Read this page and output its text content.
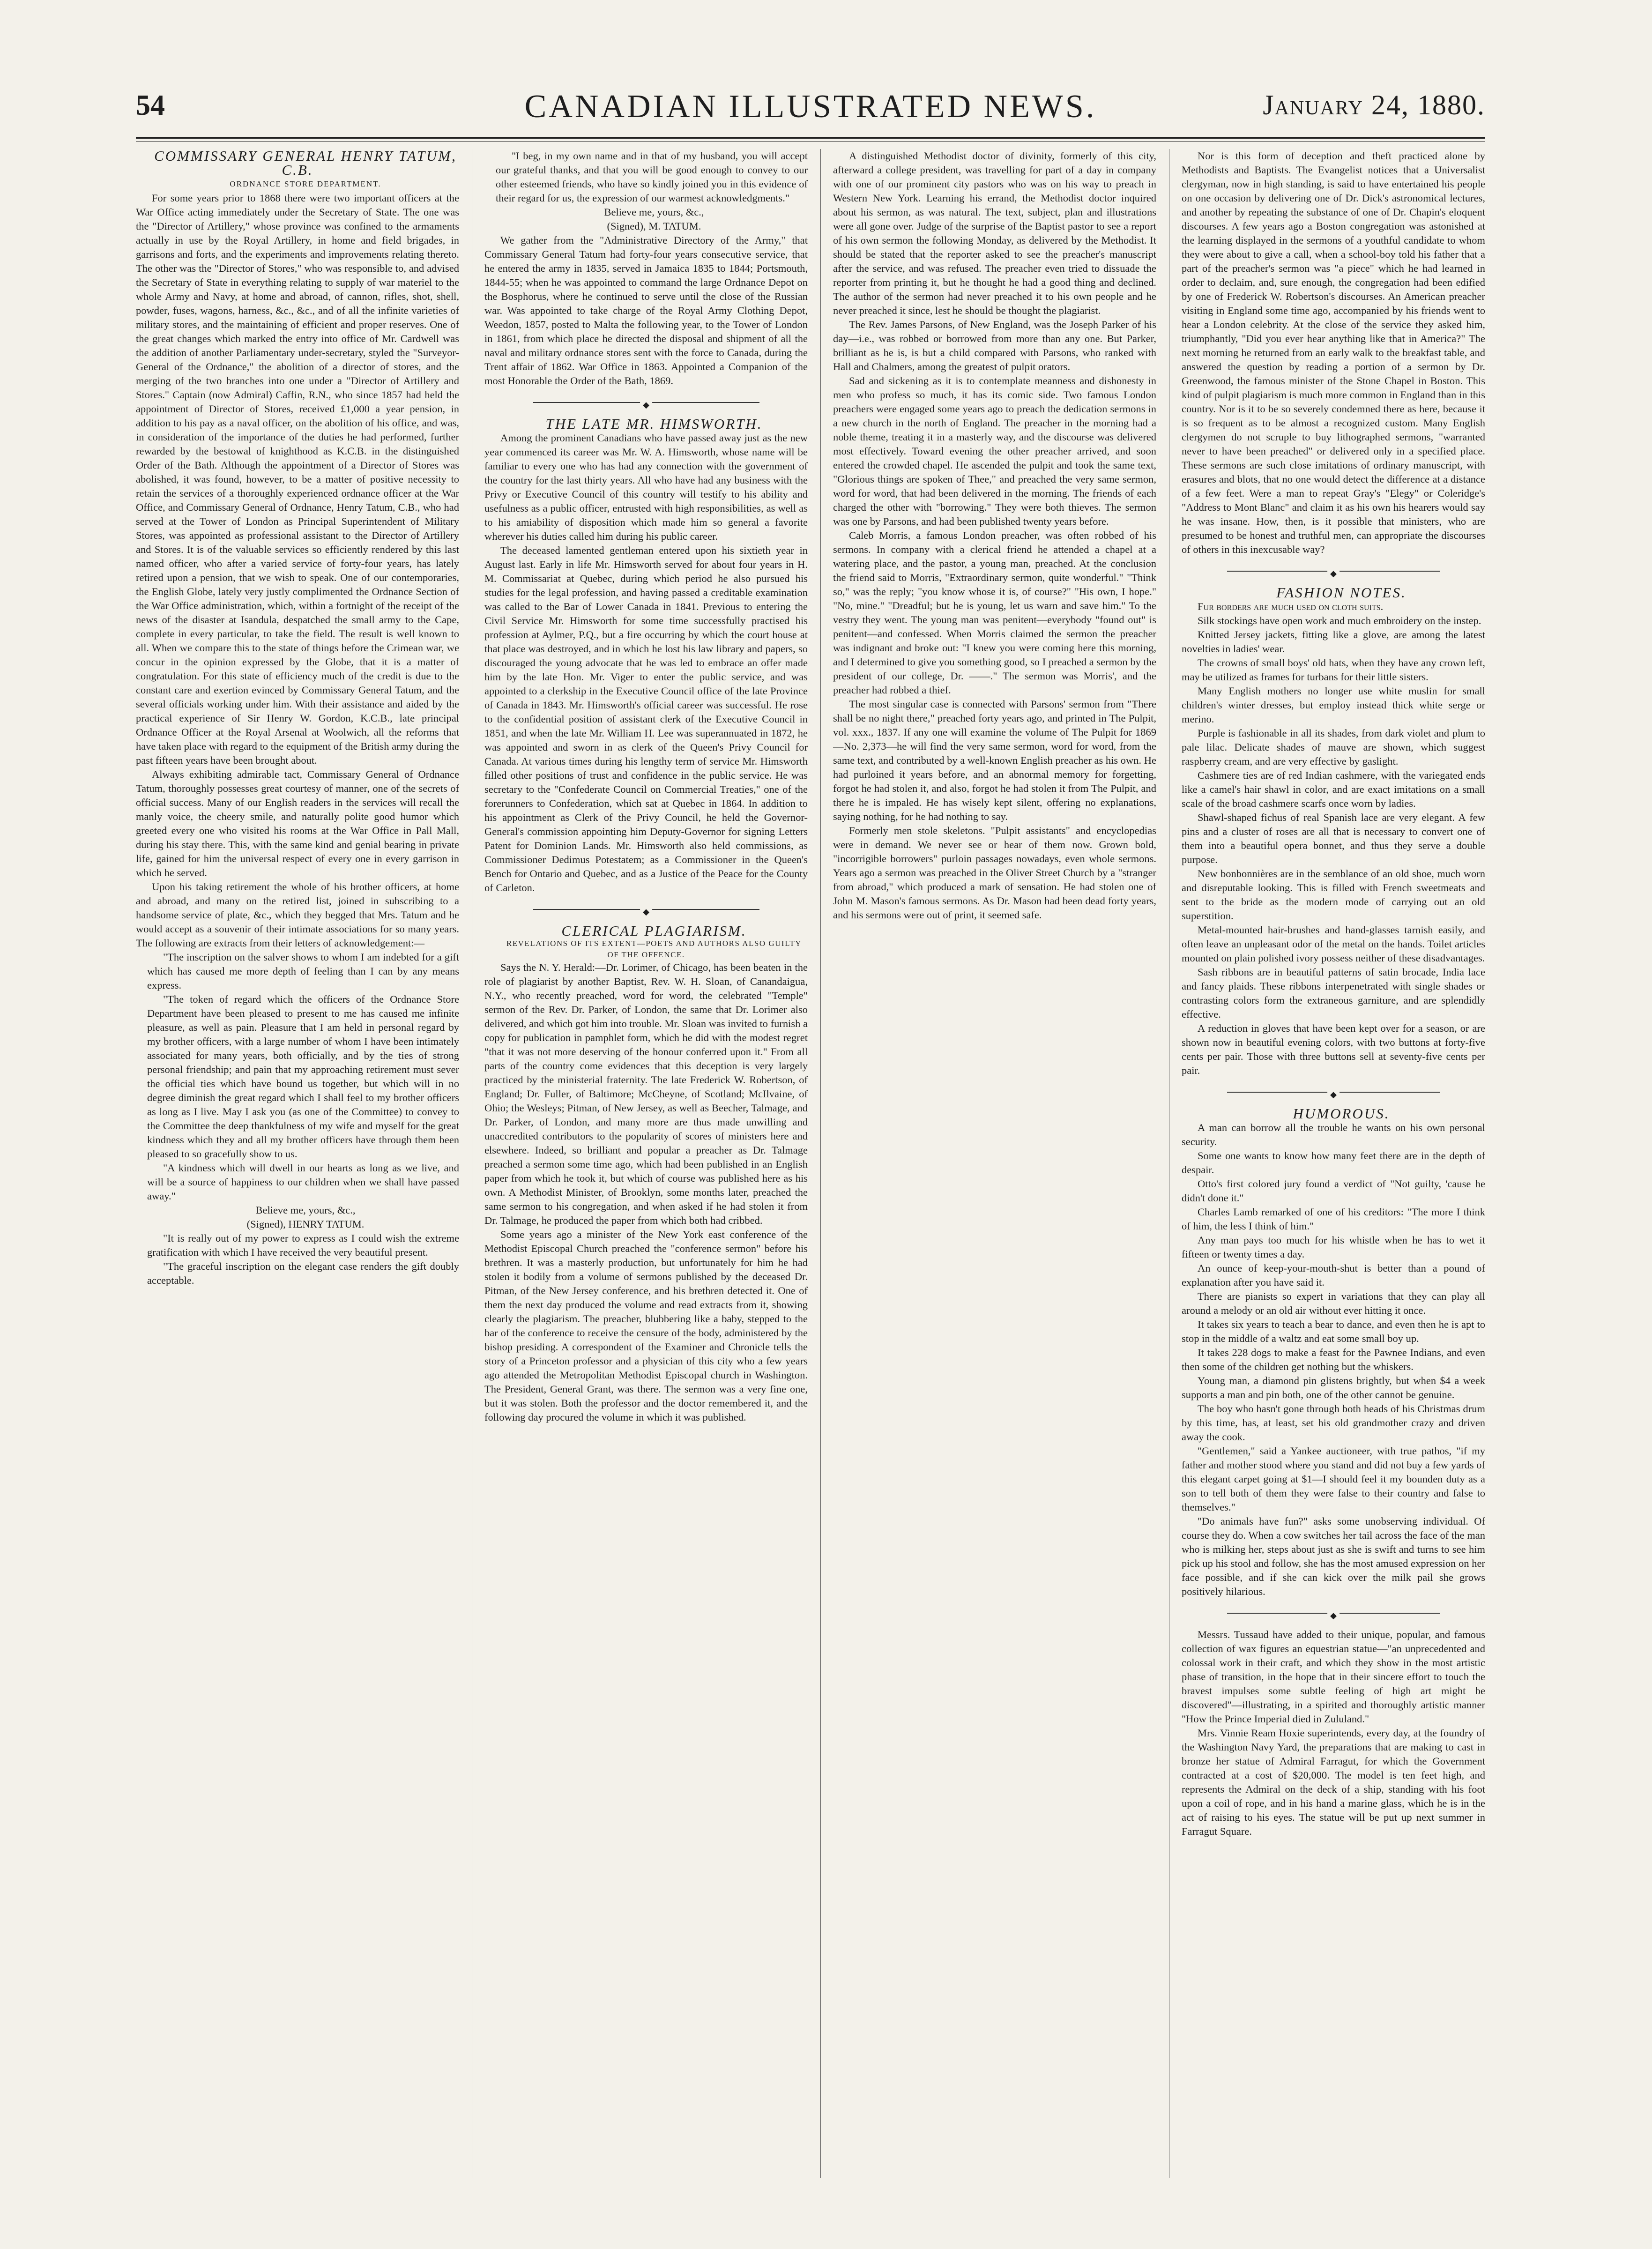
54	CANADIAN ILLUSTRATED NEWS.	January 24, 1880.

COMMISSARY GENERAL HENRY TATUM, C.B.

ORDNANCE STORE DEPARTMENT.

For some years prior to 1868 there were two important officers at the War Office acting immediately under the Secretary of State. The one was the "Director of Artillery," whose province was confined to the armaments actually in use by the Royal Artillery, in home and field brigades, in garrisons and forts, and the experiments and improvements relating thereto. The other was the "Director of Stores," who was responsible to, and advised the Secretary of State in everything relating to supply of war materiel to the whole Army and Navy, at home and abroad, of cannon, rifles, shot, shell, powder, fuses, wagons, harness, &c., &c., and of all the infinite varieties of military stores, and the maintaining of efficient and proper reserves. One of the great changes which marked the entry into office of Mr. Cardwell was the addition of another Parliamentary under-secretary, styled the "Surveyor-General of the Ordnance," the abolition of a director of stores, and the merging of the two branches into one under a "Director of Artillery and Stores." Captain (now Admiral) Caffin, R.N., who since 1857 had held the appointment of Director of Stores, received £1,000 a year pension, in addition to his pay as a naval officer, on the abolition of his office, and was, in consideration of the importance of the duties he had performed, further rewarded by the bestowal of knighthood as K.C.B. in the distinguished Order of the Bath. Although the appointment of a Director of Stores was abolished, it was found, however, to be a matter of positive necessity to retain the services of a thoroughly experienced ordnance officer at the War Office, and Commissary General of Ordnance, Henry Tatum, C.B., who had served at the Tower of London as Principal Superintendent of Military Stores, was appointed as professional assistant to the Director of Artillery and Stores. It is of the valuable services so efficiently rendered by this last named officer, who after a varied service of forty-four years, has lately retired upon a pension, that we wish to speak. One of our contemporaries, the English Globe, lately very justly complimented the Ordnance Section of the War Office administration, which, within a fortnight of the receipt of the news of the disaster at Isandula, despatched the small army to the Cape, complete in every particular, to take the field. The result is well known to all. When we compare this to the state of things before the Crimean war, we concur in the opinion expressed by the Globe, that it is a matter of congratulation. For this state of efficiency much of the credit is due to the constant care and exertion evinced by Commissary General Tatum, and the several officials working under him. With their assistance and aided by the practical experience of Sir Henry W. Gordon, K.C.B., late principal Ordnance Officer at the Royal Arsenal at Woolwich, all the reforms that have taken place with regard to the equipment of the British army during the past fifteen years have been brought about.

Always exhibiting admirable tact, Commissary General of Ordnance Tatum, thoroughly possesses great courtesy of manner, one of the secrets of official success. Many of our English readers in the services will recall the manly voice, the cheery smile, and naturally polite good humor which greeted every one who visited his rooms at the War Office in Pall Mall, during his stay there. This, with the same kind and genial bearing in private life, gained for him the universal respect of every one in every garrison in which he served.

Upon his taking retirement the whole of his brother officers, at home and abroad, and many on the retired list, joined in subscribing to a handsome service of plate, &c., which they begged that Mrs. Tatum and he would accept as a souvenir of their intimate associations for so many years. The following are extracts from their letters of acknowledgement:—

"The inscription on the salver shows to whom I am indebted for a gift which has caused me more depth of feeling than I can by any means express.

"The token of regard which the officers of the Ordnance Store Department have been pleased to present to me has caused me infinite pleasure, as well as pain. Pleasure that I am held in personal regard by my brother officers, with a large number of whom I have been intimately associated for many years, both officially, and by the ties of strong personal friendship; and pain that my approaching retirement must sever the official ties which have bound us together, but which will in no degree diminish the great regard which I shall feel to my brother officers as long as I live. May I ask you (as one of the Committee) to convey to the Committee the deep thankfulness of my wife and myself for the great kindness which they and all my brother officers have through them been pleased to so gracefully show to us.

"A kindness which will dwell in our hearts as long as we live, and will be a source of happiness to our children when we shall have passed away."

Believe me, yours, &c.,

(Signed), HENRY TATUM.

"It is really out of my power to express as I could wish the extreme gratification with which I have received the very beautiful present.

"The graceful inscription on the elegant case renders the gift doubly acceptable.

"I beg, in my own name and in that of my husband, you will accept our grateful thanks, and that you will be good enough to convey to our other esteemed friends, who have so kindly joined you in this evidence of their regard for us, the expression of our warmest acknowledgments."

Believe me, yours, &c.,

(Signed), M. TATUM.

We gather from the "Administrative Directory of the Army," that Commissary General Tatum had forty-four years consecutive service, that he entered the army in 1835, served in Jamaica 1835 to 1844; Portsmouth, 1844-55; when he was appointed to command the large Ordnance Depot on the Bosphorus, where he continued to serve until the close of the Russian war. Was appointed to take charge of the Royal Army Clothing Depot, Weedon, 1857, posted to Malta the following year, to the Tower of London in 1861, from which place he directed the disposal and shipment of all the naval and military ordnance stores sent with the force to Canada, during the Trent affair of 1862. War Office in 1863. Appointed a Companion of the most Honorable the Order of the Bath, 1869.

◆

THE LATE MR. HIMSWORTH.

Among the prominent Canadians who have passed away just as the new year commenced its career was Mr. W. A. Himsworth, whose name will be familiar to every one who has had any connection with the government of the country for the last thirty years. All who have had any business with the Privy or Executive Council of this country will testify to his ability and usefulness as a public officer, entrusted with high responsibilities, as well as to his amiability of disposition which made him so general a favorite wherever his duties called him during his public career.

The deceased lamented gentleman entered upon his sixtieth year in August last. Early in life Mr. Himsworth served for about four years in H. M. Commissariat at Quebec, during which period he also pursued his studies for the legal profession, and having passed a creditable examination was called to the Bar of Lower Canada in 1841. Previous to entering the Civil Service Mr. Himsworth for some time successfully practised his profession at Aylmer, P.Q., but a fire occurring by which the court house at that place was destroyed, and in which he lost his law library and papers, so discouraged the young advocate that he was led to embrace an offer made him by the late Hon. Mr. Viger to enter the public service, and was appointed to a clerkship in the Executive Council office of the late Province of Canada in 1843. Mr. Himsworth's official career was successful. He rose to the confidential position of assistant clerk of the Executive Council in 1851, and when the late Mr. William H. Lee was superannuated in 1872, he was appointed and sworn in as clerk of the Queen's Privy Council for Canada. At various times during his lengthy term of service Mr. Himsworth filled other positions of trust and confidence in the public service. He was secretary to the "Confederate Council on Commercial Treaties," one of the forerunners to Confederation, which sat at Quebec in 1864. In addition to his appointment as Clerk of the Privy Council, he held the Governor-General's commission appointing him Deputy-Governor for signing Letters Patent for Dominion Lands. Mr. Himsworth also held commissions, as Commissioner Dedimus Potestatem; as a Commissioner in the Queen's Bench for Ontario and Quebec, and as a Justice of the Peace for the County of Carleton.

◆

CLERICAL PLAGIARISM.

REVELATIONS OF ITS EXTENT—POETS AND AUTHORS ALSO GUILTY OF THE OFFENCE.

Says the N. Y. Herald:—Dr. Lorimer, of Chicago, has been beaten in the role of plagiarist by another Baptist, Rev. W. H. Sloan, of Canandaigua, N.Y., who recently preached, word for word, the celebrated "Temple" sermon of the Rev. Dr. Parker, of London, the same that Dr. Lorimer also delivered, and which got him into trouble. Mr. Sloan was invited to furnish a copy for publication in pamphlet form, which he did with the modest regret "that it was not more deserving of the honour conferred upon it." From all parts of the country come evidences that this deception is very largely practiced by the ministerial fraternity. The late Frederick W. Robertson, of England; Dr. Fuller, of Baltimore; McCheyne, of Scotland; McIlvaine, of Ohio; the Wesleys; Pitman, of New Jersey, as well as Beecher, Talmage, and Dr. Parker, of London, and many more are thus made unwilling and unaccredited contributors to the popularity of scores of ministers here and elsewhere. Indeed, so brilliant and popular a preacher as Dr. Talmage preached a sermon some time ago, which had been published in an English paper from which he took it, but which of course was published here as his own. A Methodist Minister, of Brooklyn, some months later, preached the same sermon to his congregation, and when asked if he had stolen it from Dr. Talmage, he produced the paper from which both had cribbed.

Some years ago a minister of the New York east conference of the Methodist Episcopal Church preached the "conference sermon" before his brethren. It was a masterly production, but unfortunately for him he had stolen it bodily from a volume of sermons published by the deceased Dr. Pitman, of the New Jersey conference, and his brethren detected it. One of them the next day produced the volume and read extracts from it, showing clearly the plagiarism. The preacher, blubbering like a baby, stepped to the bar of the conference to receive the censure of the body, administered by the bishop presiding. A correspondent of the Examiner and Chronicle tells the story of a Princeton professor and a physician of this city who a few years ago attended the Metropolitan Methodist Episcopal church in Washington. The President, General Grant, was there. The sermon was a very fine one, but it was stolen. Both the professor and the doctor remembered it, and the following day procured the volume in which it was published.

A distinguished Methodist doctor of divinity, formerly of this city, afterward a college president, was travelling for part of a day in company with one of our prominent city pastors who was on his way to preach in Western New York. Learning his errand, the Methodist doctor inquired about his sermon, as was natural. The text, subject, plan and illustrations were all gone over. Judge of the surprise of the Baptist pastor to see a report of his own sermon the following Monday, as delivered by the Methodist. It should be stated that the reporter asked to see the preacher's manuscript after the service, and was refused. The preacher even tried to dissuade the reporter from printing it, but he thought he had a good thing and declined. The author of the sermon had never preached it to his own people and he never preached it since, lest he should be thought the plagiarist.

The Rev. James Parsons, of New England, was the Joseph Parker of his day—i.e., was robbed or borrowed from more than any one. But Parker, brilliant as he is, is but a child compared with Parsons, who ranked with Hall and Chalmers, among the greatest of pulpit orators.

Sad and sickening as it is to contemplate meanness and dishonesty in men who profess so much, it has its comic side. Two famous London preachers were engaged some years ago to preach the dedication sermons in a new church in the north of England. The preacher in the morning had a noble theme, treating it in a masterly way, and the discourse was delivered most effectively. Toward evening the other preacher arrived, and soon entered the crowded chapel. He ascended the pulpit and took the same text, "Glorious things are spoken of Thee," and preached the very same sermon, word for word, that had been delivered in the morning. The friends of each charged the other with "borrowing." They were both thieves. The sermon was one by Parsons, and had been published twenty years before.

Caleb Morris, a famous London preacher, was often robbed of his sermons. In company with a clerical friend he attended a chapel at a watering place, and the pastor, a young man, preached. At the conclusion the friend said to Morris, "Extraordinary sermon, quite wonderful." "Think so," was the reply; "you know whose it is, of course?" "His own, I hope." "No, mine." "Dreadful; but he is young, let us warn and save him." To the vestry they went. The young man was penitent—everybody "found out" is penitent—and confessed. When Morris claimed the sermon the preacher was indignant and broke out: "I knew you were coming here this morning, and I determined to give you something good, so I preached a sermon by the president of our college, Dr. ——." The sermon was Morris', and the preacher had robbed a thief.

The most singular case is connected with Parsons' sermon from "There shall be no night there," preached forty years ago, and printed in The Pulpit, vol. xxx., 1837. If any one will examine the volume of The Pulpit for 1869—No. 2,373—he will find the very same sermon, word for word, from the same text, and contributed by a well-known English preacher as his own. He had purloined it years before, and an abnormal memory for forgetting, forgot he had stolen it, and also, forgot he had stolen it from The Pulpit, and there he is impaled. He has wisely kept silent, offering no explanations, saying nothing, for he had nothing to say.

Formerly men stole skeletons. "Pulpit assistants" and encyclopedias were in demand. We never see or hear of them now. Grown bold, "incorrigible borrowers" purloin passages nowadays, even whole sermons. Years ago a sermon was preached in the Oliver Street Church by a "stranger from abroad," which produced a mark of sensation. He had stolen one of John M. Mason's famous sermons. As Dr. Mason had been dead forty years, and his sermons were out of print, it seemed safe.

Nor is this form of deception and theft practiced alone by Methodists and Baptists. The Evangelist notices that a Universalist clergyman, now in high standing, is said to have entertained his people on one occasion by delivering one of Dr. Dick's astronomical lectures, and another by repeating the substance of one of Dr. Chapin's eloquent discourses. A few years ago a Boston congregation was astonished at the learning displayed in the sermons of a youthful candidate to whom they were about to give a call, when a school-boy told his father that a part of the preacher's sermon was "a piece" which he had learned in order to declaim, and, sure enough, the congregation had been edified by one of Frederick W. Robertson's discourses. An American preacher visiting in England some time ago, accompanied by his friends went to hear a London celebrity. At the close of the service they asked him, triumphantly, "Did you ever hear anything like that in America?" The next morning he returned from an early walk to the breakfast table, and answered the question by reading a portion of a sermon by Dr. Greenwood, the famous minister of the Stone Chapel in Boston. This kind of pulpit plagiarism is much more common in England than in this country. Nor is it to be so severely condemned there as here, because it is so frequent as to be almost a recognized custom. Many English clergymen do not scruple to buy lithographed sermons, "warranted never to have been preached" or delivered only in a specified place. These sermons are such close imitations of ordinary manuscript, with erasures and blots, that no one would detect the difference at a distance of a few feet. Were a man to repeat Gray's "Elegy" or Coleridge's "Address to Mont Blanc" and claim it as his own his hearers would say he was insane. How, then, is it possible that ministers, who are presumed to be honest and truthful men, can appropriate the discourses of others in this inexcusable way?

◆

FASHION NOTES.

Fur borders are much used on cloth suits.

Silk stockings have open work and much embroidery on the instep.

Knitted Jersey jackets, fitting like a glove, are among the latest novelties in ladies' wear.

The crowns of small boys' old hats, when they have any crown left, may be utilized as frames for turbans for their little sisters.

Many English mothers no longer use white muslin for small children's winter dresses, but employ instead thick white serge or merino.

Purple is fashionable in all its shades, from dark violet and plum to pale lilac. Delicate shades of mauve are shown, which suggest raspberry cream, and are very effective by gaslight.

Cashmere ties are of red Indian cashmere, with the variegated ends like a camel's hair shawl in color, and are exact imitations on a small scale of the broad cashmere scarfs once worn by ladies.

Shawl-shaped fichus of real Spanish lace are very elegant. A few pins and a cluster of roses are all that is necessary to convert one of them into a beautiful opera bonnet, and thus they serve a double purpose.

New bonbonnières are in the semblance of an old shoe, much worn and disreputable looking. This is filled with French sweetmeats and sent to the bride as the modern mode of carrying out an old superstition.

Metal-mounted hair-brushes and hand-glasses tarnish easily, and often leave an unpleasant odor of the metal on the hands. Toilet articles mounted on plain polished ivory possess neither of these disadvantages.

Sash ribbons are in beautiful patterns of satin brocade, India lace and fancy plaids. These ribbons interpenetrated with single shades or contrasting colors form the extraneous garniture, and are splendidly effective.

A reduction in gloves that have been kept over for a season, or are shown now in beautiful evening colors, with two buttons at forty-five cents per pair. Those with three buttons sell at seventy-five cents per pair.

◆

HUMOROUS.

A man can borrow all the trouble he wants on his own personal security.

Some one wants to know how many feet there are in the depth of despair.

Otto's first colored jury found a verdict of "Not guilty, 'cause he didn't done it."

Charles Lamb remarked of one of his creditors: "The more I think of him, the less I think of him."

Any man pays too much for his whistle when he has to wet it fifteen or twenty times a day.

An ounce of keep-your-mouth-shut is better than a pound of explanation after you have said it.

There are pianists so expert in variations that they can play all around a melody or an old air without ever hitting it once.

It takes six years to teach a bear to dance, and even then he is apt to stop in the middle of a waltz and eat some small boy up.

It takes 228 dogs to make a feast for the Pawnee Indians, and even then some of the children get nothing but the whiskers.

Young man, a diamond pin glistens brightly, but when $4 a week supports a man and pin both, one of the other cannot be genuine.

The boy who hasn't gone through both heads of his Christmas drum by this time, has, at least, set his old grandmother crazy and driven away the cook.

"Gentlemen," said a Yankee auctioneer, with true pathos, "if my father and mother stood where you stand and did not buy a few yards of this elegant carpet going at $1—I should feel it my bounden duty as a son to tell both of them they were false to their country and false to themselves."

"Do animals have fun?" asks some unobserving individual. Of course they do. When a cow switches her tail across the face of the man who is milking her, steps about just as she is swift and turns to see him pick up his stool and follow, she has the most amused expression on her face possible, and if she can kick over the milk pail she grows positively hilarious.

◆

Messrs. Tussaud have added to their unique, popular, and famous collection of wax figures an equestrian statue—"an unprecedented and colossal work in their craft, and which they show in the most artistic phase of transition, in the hope that in their sincere effort to touch the bravest impulses some subtle feeling of high art might be discovered"—illustrating, in a spirited and thoroughly artistic manner "How the Prince Imperial died in Zululand."

Mrs. Vinnie Ream Hoxie superintends, every day, at the foundry of the Washington Navy Yard, the preparations that are making to cast in bronze her statue of Admiral Farragut, for which the Government contracted at a cost of $20,000. The model is ten feet high, and represents the Admiral on the deck of a ship, standing with his foot upon a coil of rope, and in his hand a marine glass, which he is in the act of raising to his eyes. The statue will be put up next summer in Farragut Square.
